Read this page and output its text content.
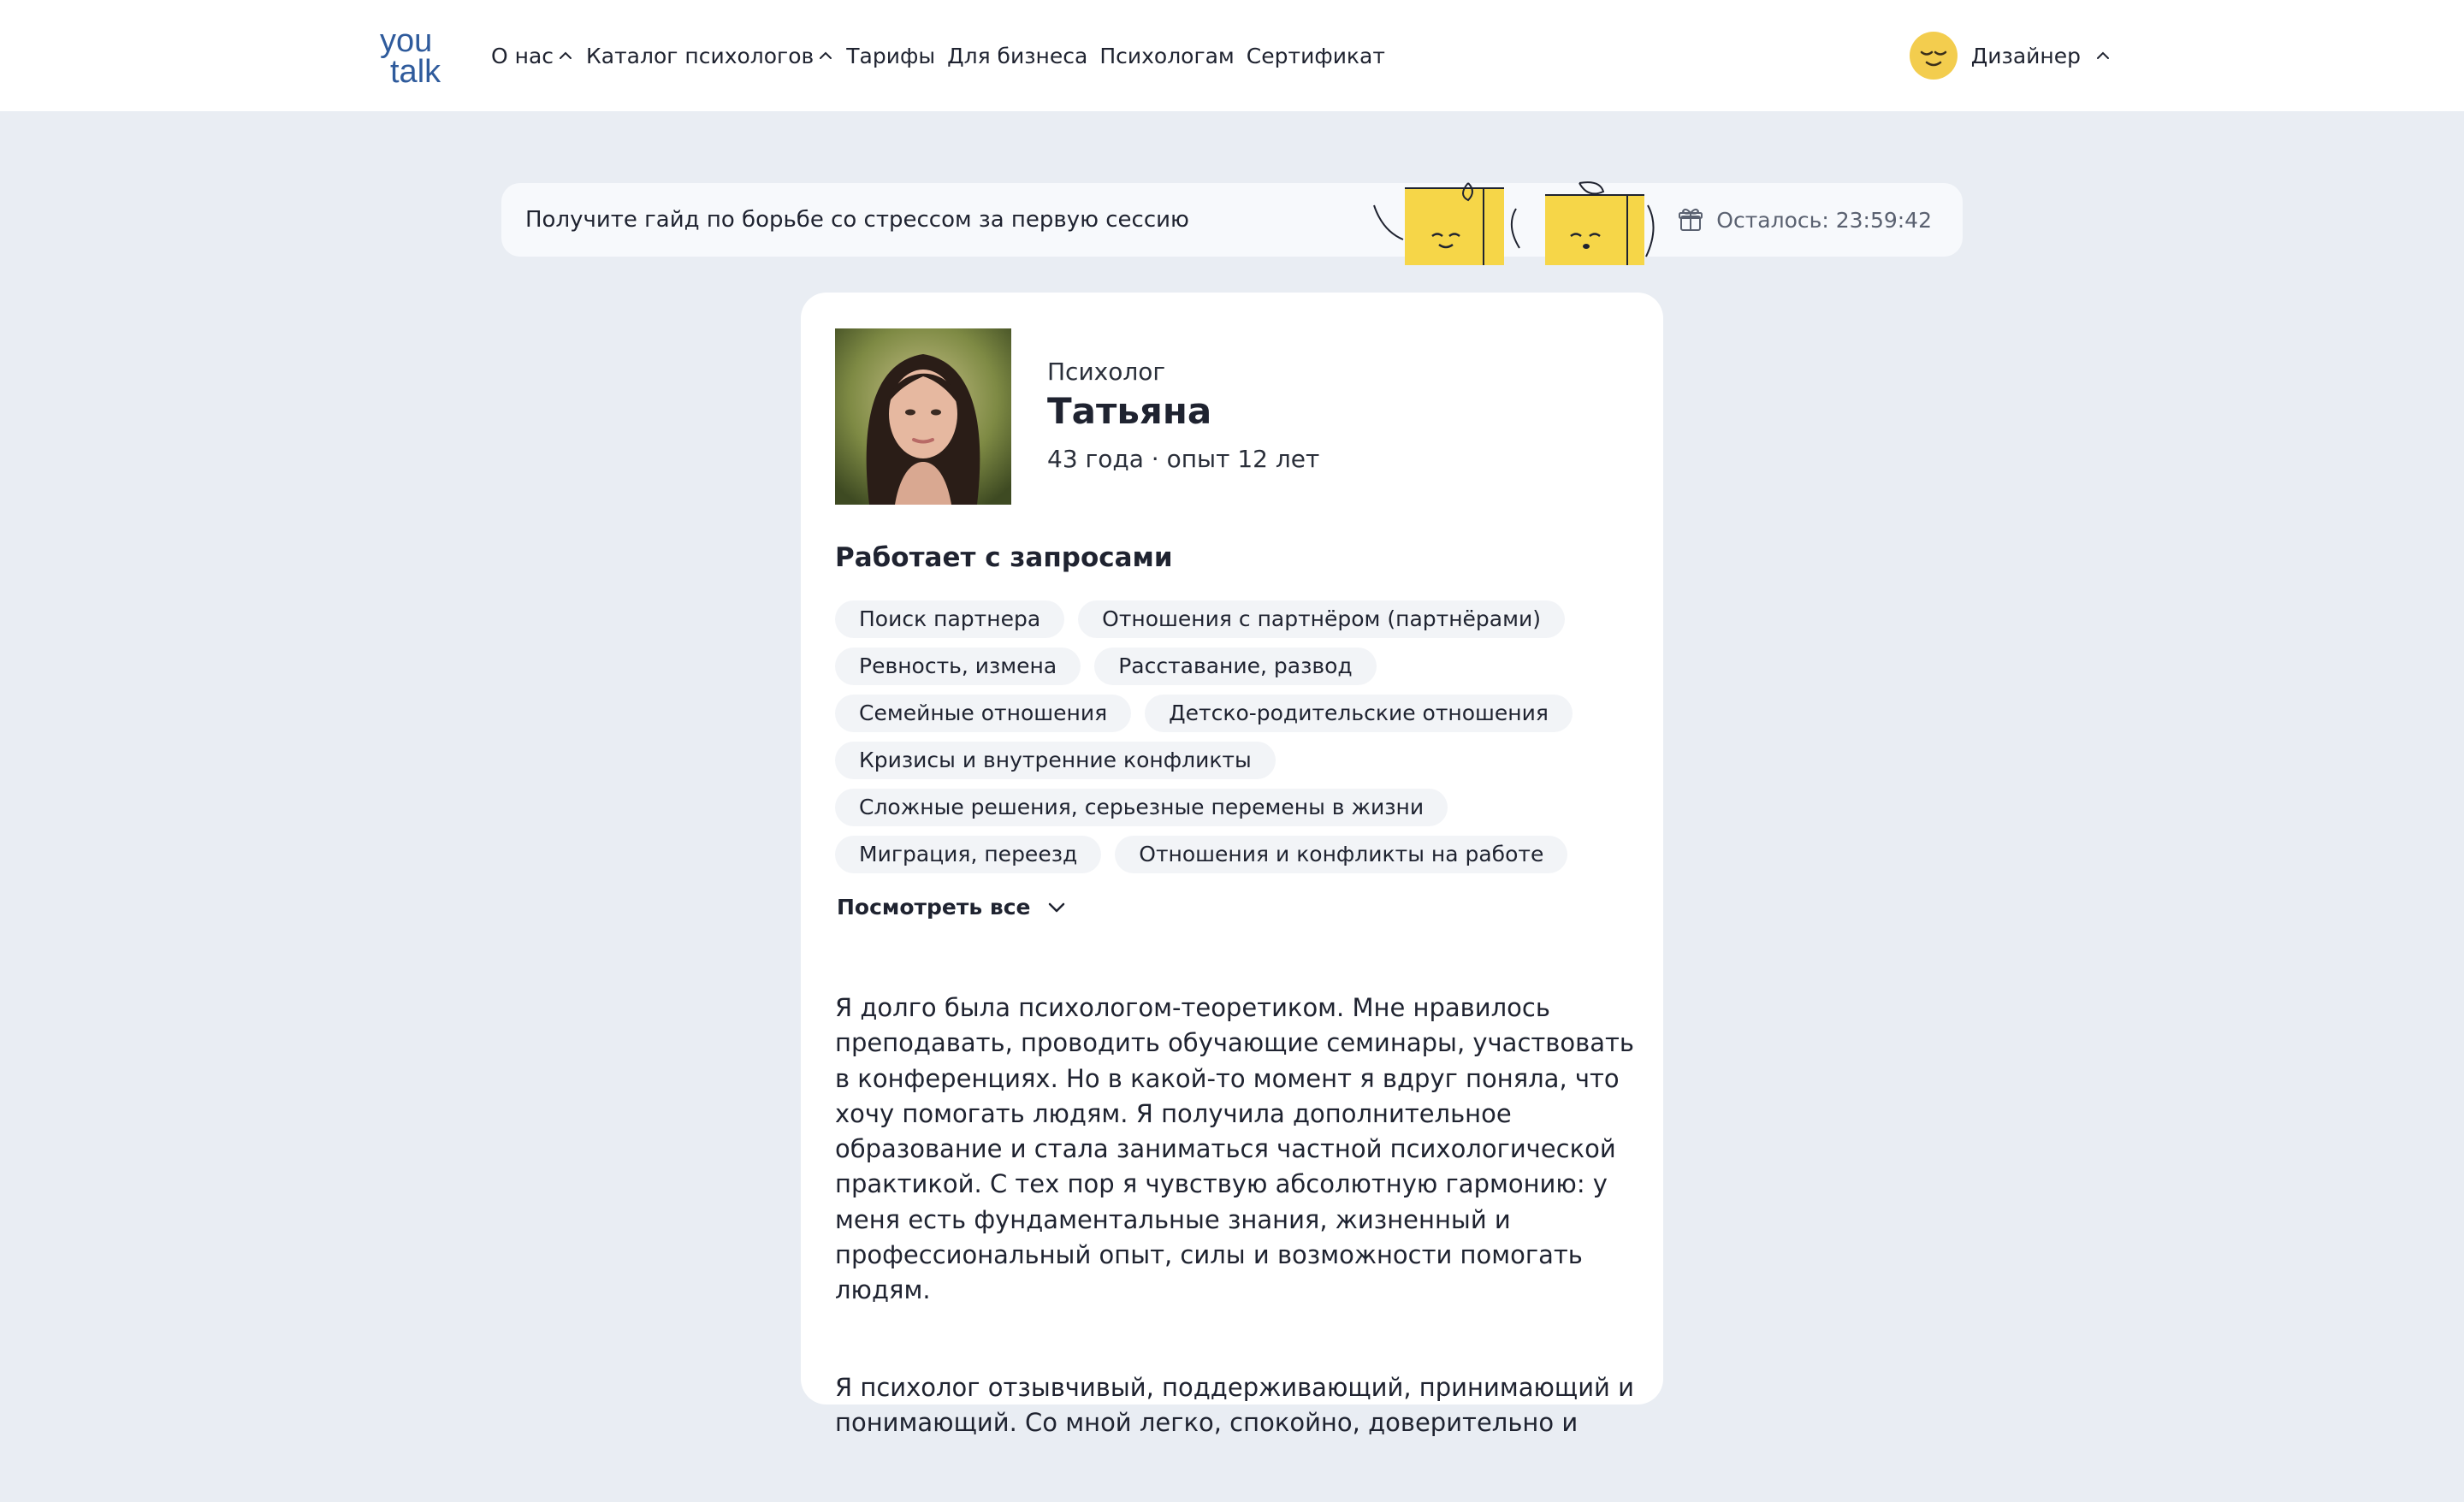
you
talk О нас Каталог психологов Тарифы Для бизнеса Психологам Сертификат	Дизайнер
Получите гайд по борьбе со стрессом за первую сессию	Осталось: 23:59:42
Психолог
Татьяна
43 года · опыт 12 лет
Работает с запросами
Поиск партнера	Отношения с партнёром (партнёрами)
Ревность, измена	Расставание, развод
Семейные отношения	Детско-родительские отношения
Кризисы и внутренние конфликты
Сложные решения, серьезные перемены в жизни
Миграция, переезд	Отношения и конфликты на работе
Посмотреть все

Я долго была психологом-теоретиком. Мне нравилось преподавать, проводить обучающие семинары, участвовать в конференциях. Но в какой-то момент я вдруг поняла, что хочу помогать людям. Я получила дополнительное образование и стала заниматься частной психологической практикой. С тех пор я чувствую абсолютную гармонию: у меня есть фундаментальные знания, жизненный и профессиональный опыт, силы и возможности помогать людям.

Я психолог отзывчивый, поддерживающий, принимающий и понимающий. Со мной легко, спокойно, доверительно и
